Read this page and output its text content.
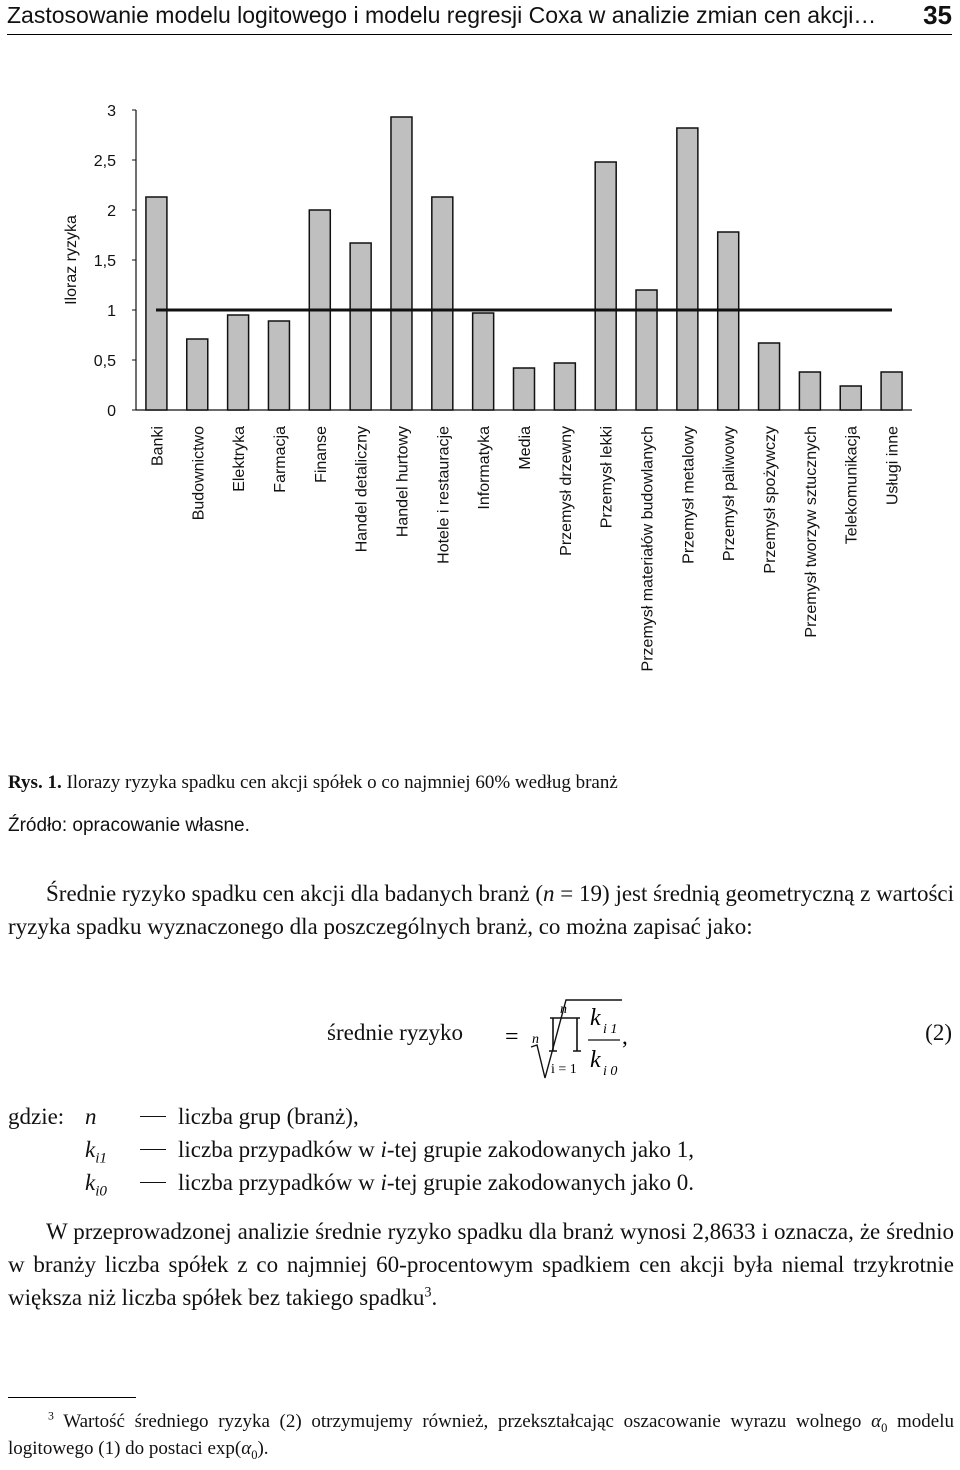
Zastosowanie modelu logitowego i modelu regresji Coxa w analizie zmian cen akcji… 35
0
0,5
1
1,5
2
2,5
3
Iloraz ryzyka
Banki Budownictwo Elektryka Farmacja Finanse Handel detaliczny Handel hurtowy Hotele i restauracje Informatyka Media Przemysł drzewny Przemysł lekki Przemysł materiałów budowlanych Przemysł metalowy Przemysł paliwowy Przemysł spożywczy Przemysł tworzyw sztucznych Telekomunikacja Usługi inne
Rys. 1. Ilorazy ryzyka spadku cen akcji spółek o co najmniej 60% według branż
Źródło: opracowanie własne.
Średnie ryzyko spadku cen akcji dla badanych branż (n = 19) jest średnią geometryczną z wartości ryzyka spadku wyznaczonego dla poszczególnych branż, co można zapisać jako:
średnie ryzyko = n
n
i = 1
k i 1
k i 0
,	(2)
gdzie: n	liczba grup (branż),
$k_{i1}$	liczba przypadków w i-tej grupie zakodowanych jako 1,
$k_{i0}$	liczba przypadków w i-tej grupie zakodowanych jako 0.
W przeprowadzonej analizie średnie ryzyko spadku dla branż wynosi 2,8633 i oznacza, że średnio w branży liczba spółek z co najmniej 60-procentowym spadkiem cen akcji była niemal trzykrotnie większa niż liczba spółek bez takiego spadku$^3$.
$^3$ Wartość średniego ryzyka (2) otrzymujemy również, przekształcając oszacowanie wyrazu wolnego $\alpha_0$ modelu logitowego (1) do postaci $\exp(\alpha_0)$.
